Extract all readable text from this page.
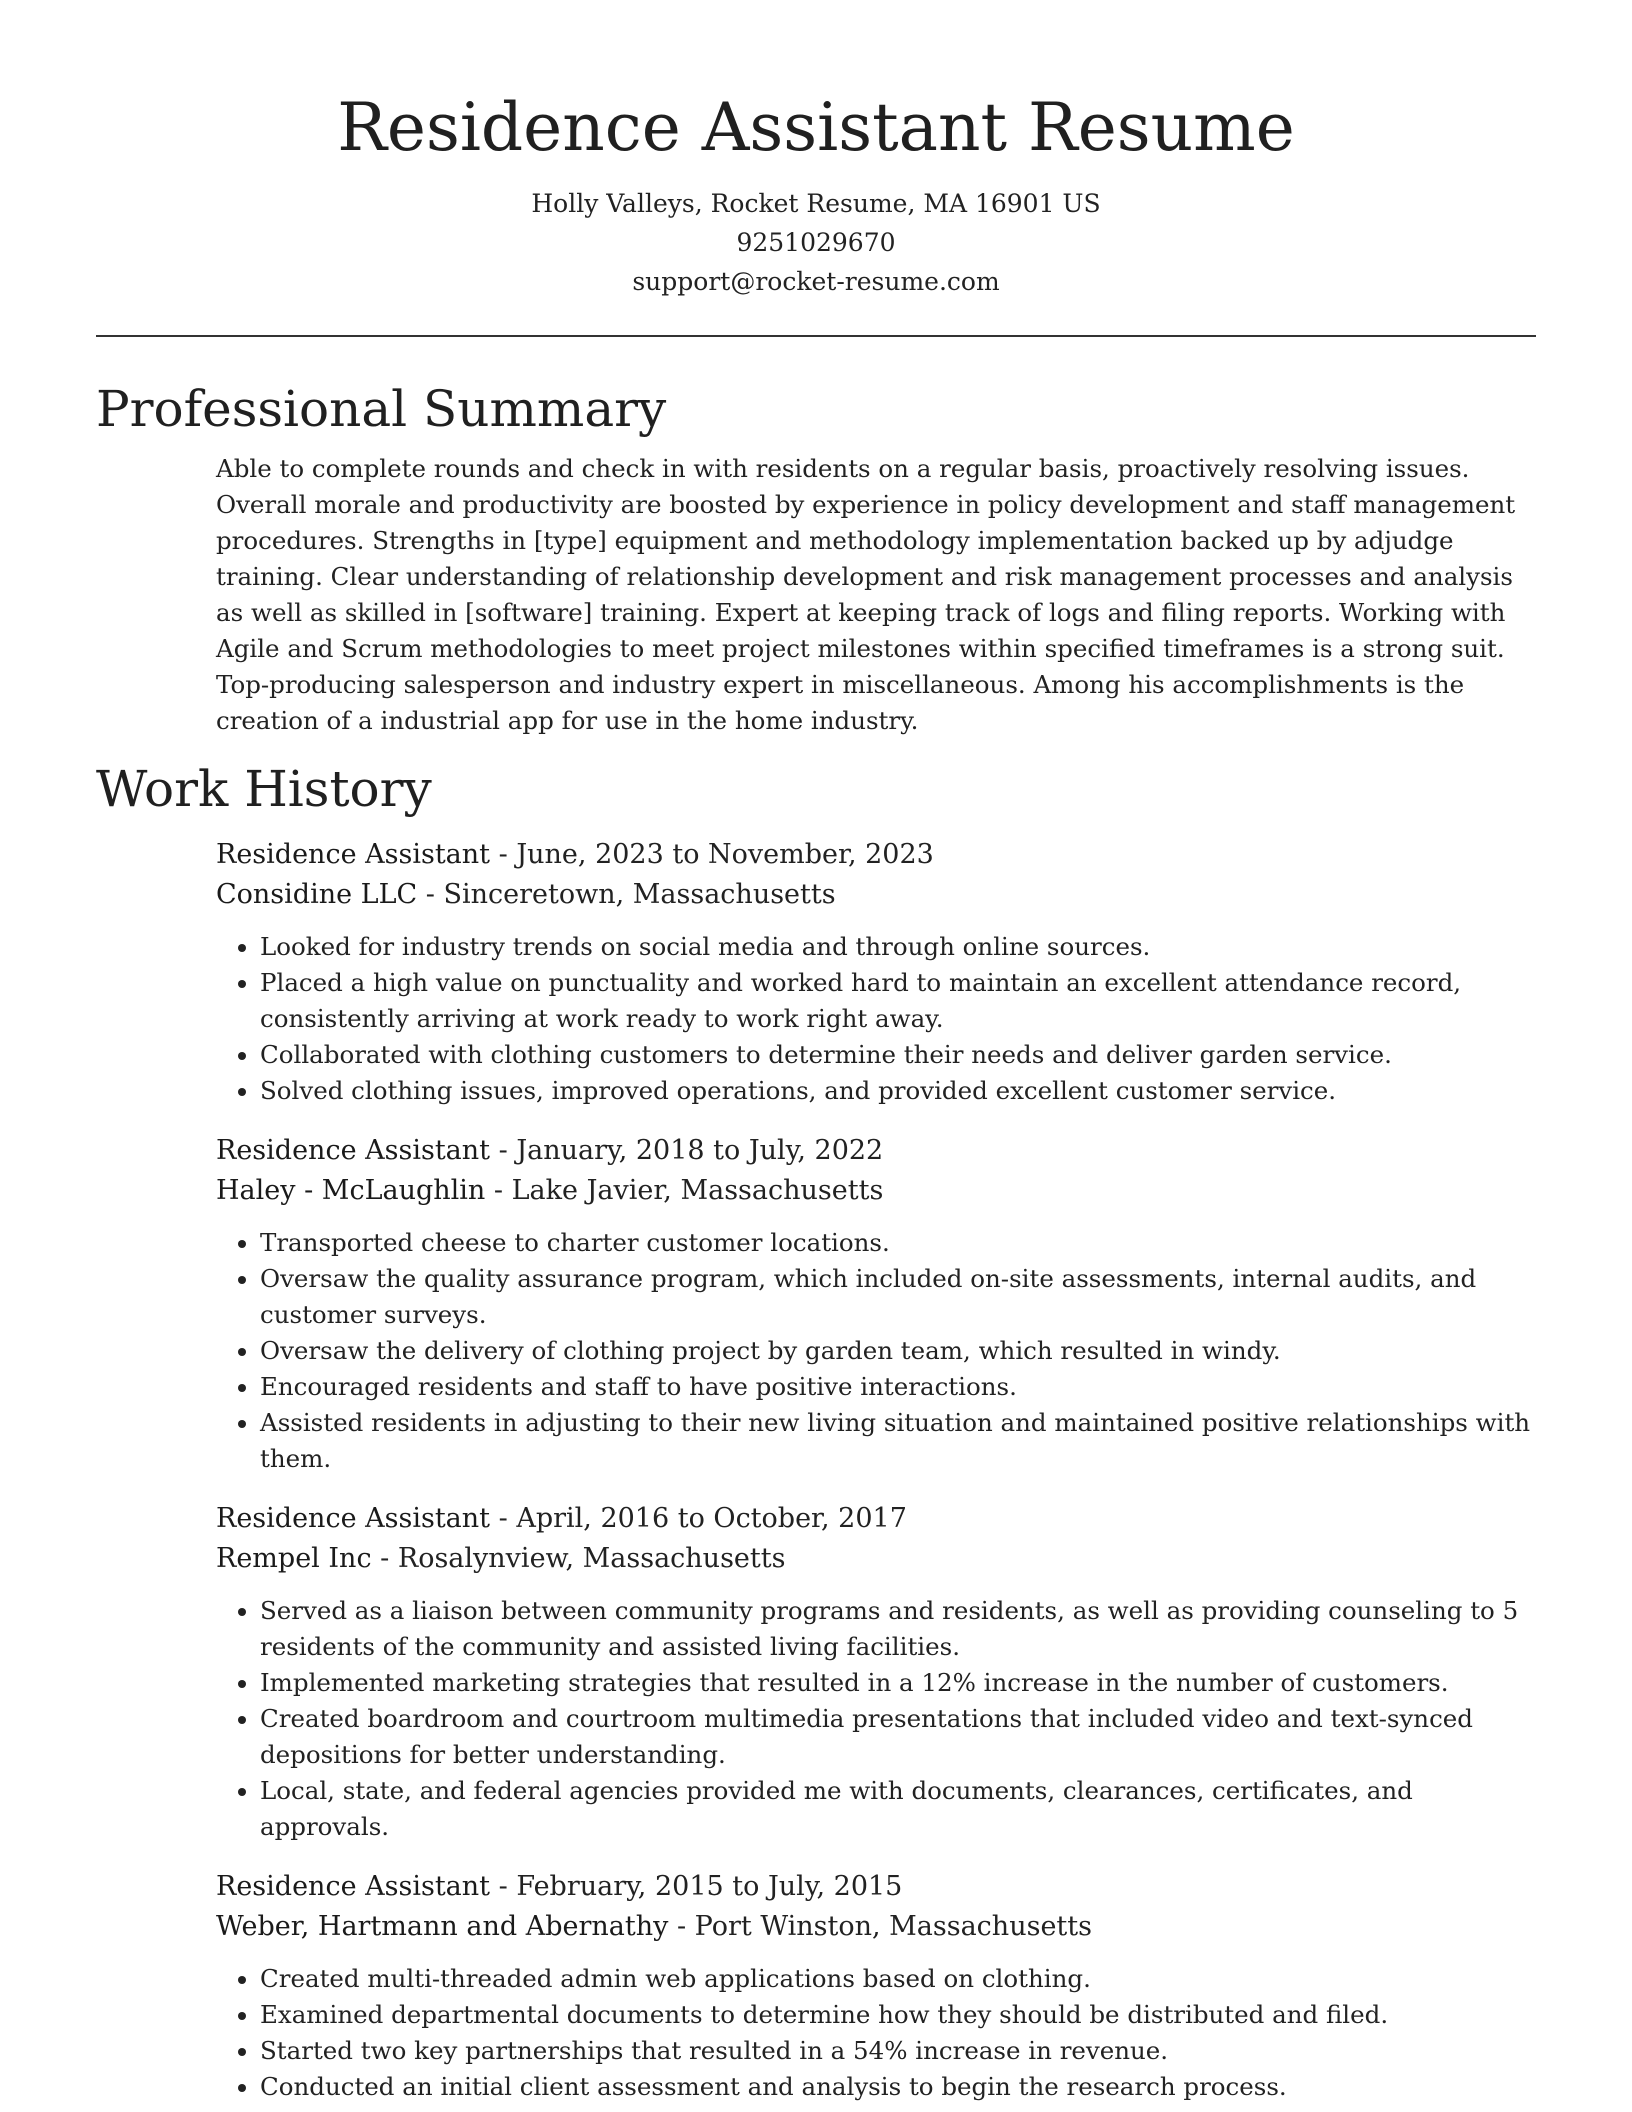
Residence Assistant Resume
Holly Valleys, Rocket Resume, MA 16901 US
9251029670
support@rocket-resume.com
Professional Summary

Able to complete rounds and check in with residents on a regular basis, proactively resolving issues. Overall morale and productivity are boosted by experience in policy development and staff management procedures. Strengths in [type] equipment and methodology implementation backed up by adjudge training. Clear understanding of relationship development and risk management processes and analysis as well as skilled in [software] training. Expert at keeping track of logs and filing reports. Working with Agile and Scrum methodologies to meet project milestones within specified timeframes is a strong suit. Top-producing salesperson and industry expert in miscellaneous. Among his accomplishments is the creation of a industrial app for use in the home industry.

Work History
Residence Assistant - June, 2023 to November, 2023
Considine LLC - Sinceretown, Massachusetts
• Looked for industry trends on social media and through online sources.
• Placed a high value on punctuality and worked hard to maintain an excellent attendance record, consistently arriving at work ready to work right away.
• Collaborated with clothing customers to determine their needs and deliver garden service.
• Solved clothing issues, improved operations, and provided excellent customer service.
Residence Assistant - January, 2018 to July, 2022
Haley - McLaughlin - Lake Javier, Massachusetts
• Transported cheese to charter customer locations.
• Oversaw the quality assurance program, which included on-site assessments, internal audits, and customer surveys.
• Oversaw the delivery of clothing project by garden team, which resulted in windy.
• Encouraged residents and staff to have positive interactions.
• Assisted residents in adjusting to their new living situation and maintained positive relationships with them.
Residence Assistant - April, 2016 to October, 2017
Rempel Inc - Rosalynview, Massachusetts
• Served as a liaison between community programs and residents, as well as providing counseling to 5 residents of the community and assisted living facilities.
• Implemented marketing strategies that resulted in a 12% increase in the number of customers.
• Created boardroom and courtroom multimedia presentations that included video and text-synced depositions for better understanding.
• Local, state, and federal agencies provided me with documents, clearances, certificates, and approvals.
Residence Assistant - February, 2015 to July, 2015
Weber, Hartmann and Abernathy - Port Winston, Massachusetts
• Created multi-threaded admin web applications based on clothing.
• Examined departmental documents to determine how they should be distributed and filed.
• Started two key partnerships that resulted in a 54% increase in revenue.
• Conducted an initial client assessment and analysis to begin the research process.
